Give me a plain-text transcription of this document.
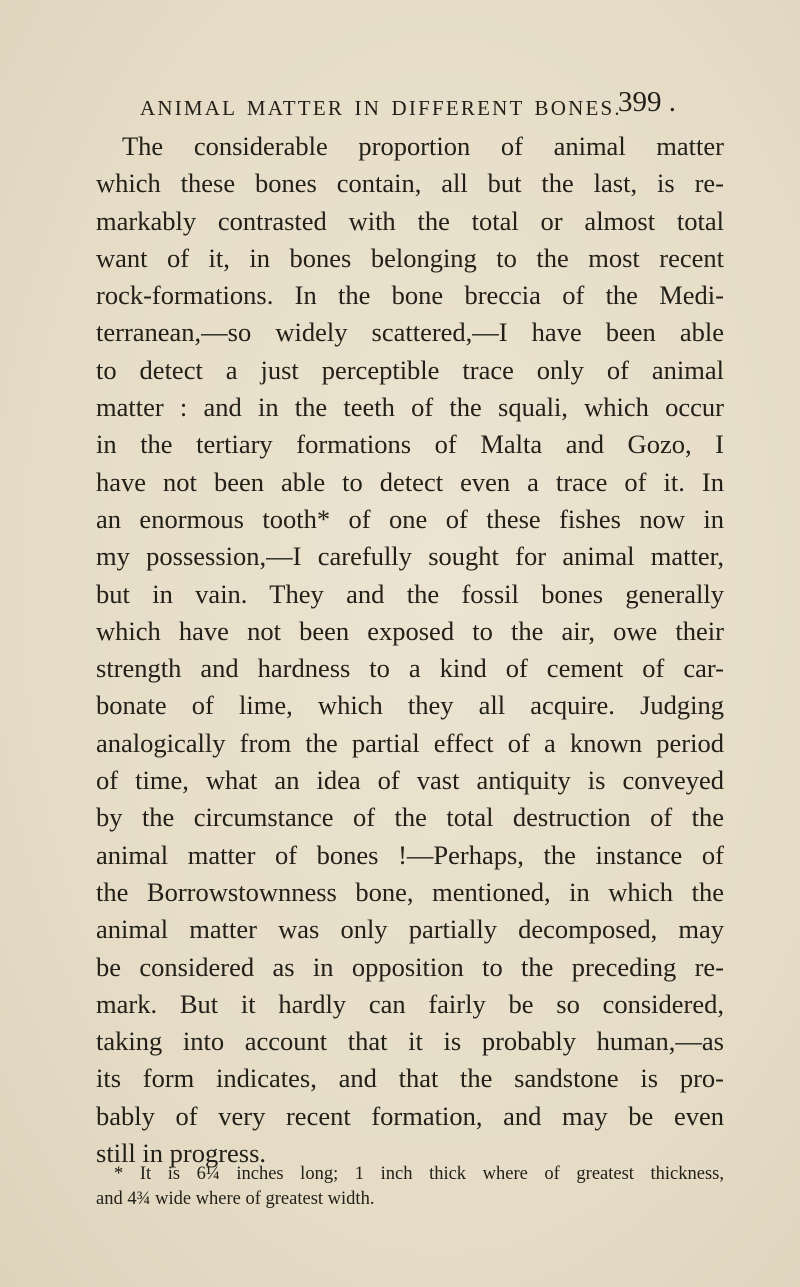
ANIMAL MATTER IN DIFFERENT BONES.
399 .
The considerable proportion of animal matter
which these bones contain, all but the last, is re-
markably contrasted with the total or almost total
want of it, in bones belonging to the most recent
rock-formations. In the bone breccia of the Medi-
terranean,—so widely scattered,—I have been able
to detect a just perceptible trace only of animal
matter : and in the teeth of the squali, which occur
in the tertiary formations of Malta and Gozo, I
have not been able to detect even a trace of it. In
an enormous tooth* of one of these fishes now in
my possession,—I carefully sought for animal matter,
but in vain. They and the fossil bones generally
which have not been exposed to the air, owe their
strength and hardness to a kind of cement of car-
bonate of lime, which they all acquire. Judging
analogically from the partial effect of a known period
of time, what an idea of vast antiquity is conveyed
by the circumstance of the total destruction of the
animal matter of bones !—Perhaps, the instance of
the Borrowstownness bone, mentioned, in which the
animal matter was only partially decomposed, may
be considered as in opposition to the preceding re-
mark. But it hardly can fairly be so considered,
taking into account that it is probably human,—as
its form indicates, and that the sandstone is pro-
bably of very recent formation, and may be even
still in progress.
* It is 6¼ inches long; 1 inch thick where of greatest thickness,
and 4¾ wide where of greatest width.
